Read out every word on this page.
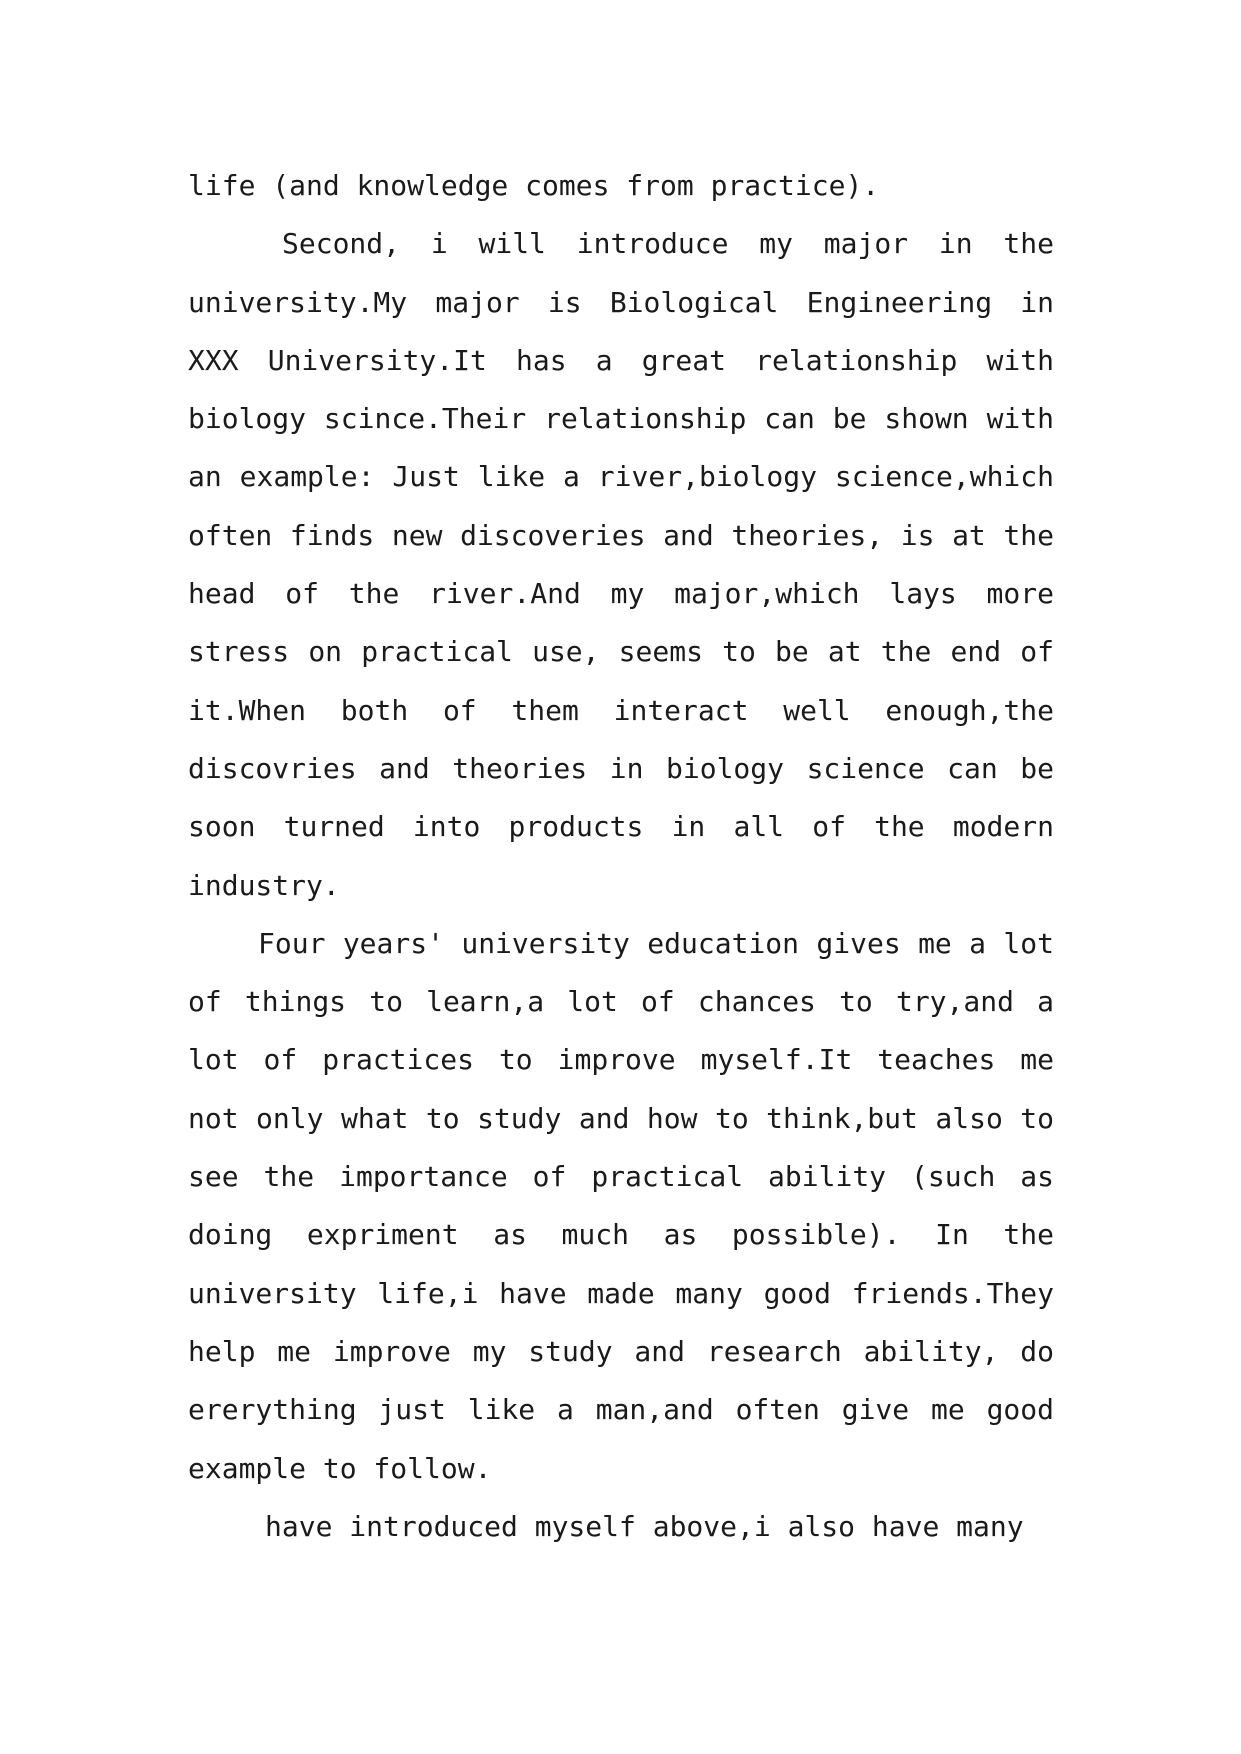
life (and knowledge comes from practice).

Second, i will introduce my major in the university.My major is Biological Engineering in XXX University.It has a great relationship with biology scince.Their relationship can be shown with an example: Just like a river,biology science,which often finds new discoveries and theories, is at the head of the river.And my major,which lays more stress on practical use, seems to be at the end of it.When both of them interact well enough,the discovries and theories in biology science can be soon turned into products in all of the modern industry.

Four years' university education gives me a lot of things to learn,a lot of chances to try,and a lot of practices to improve myself.It teaches me not only what to study and how to think,but also to see the importance of practical ability (such as doing expriment as much as possible). In the university life,i have made many good friends.They help me improve my study and research ability, do ererything just like a man,and often give me good example to follow.

have introduced myself above,i also have many
